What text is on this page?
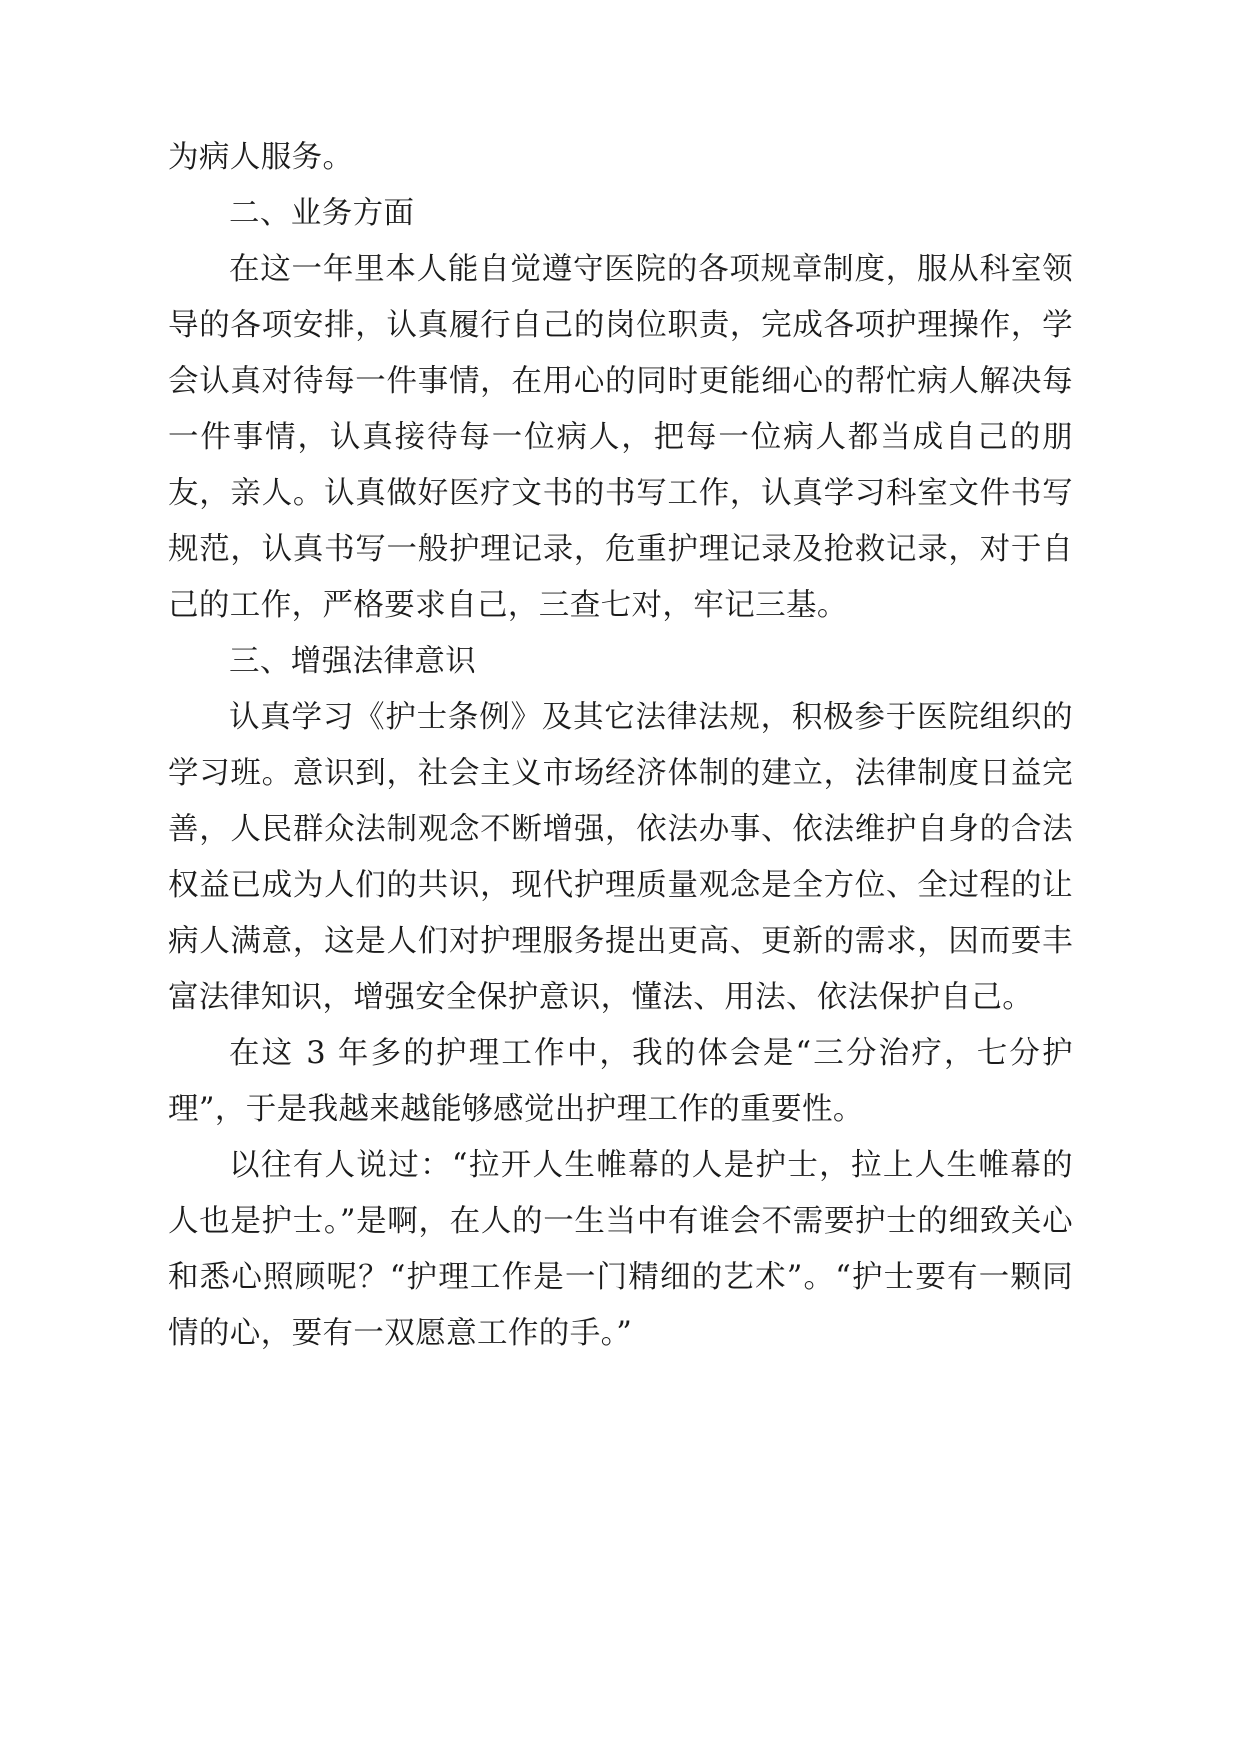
为病人服务。

二、业务方面

在这一年里本人能自觉遵守医院的各项规章制度，服从科室领导的各项安排，认真履行自己的岗位职责，完成各项护理操作，学会认真对待每一件事情，在用心的同时更能细心的帮忙病人解决每一件事情，认真接待每一位病人，把每一位病人都当成自己的朋友，亲人。认真做好医疗文书的书写工作，认真学习科室文件书写规范，认真书写一般护理记录，危重护理记录及抢救记录，对于自己的工作，严格要求自己，三查七对，牢记三基。

三、增强法律意识

认真学习《护士条例》及其它法律法规，积极参于医院组织的学习班。意识到，社会主义市场经济体制的建立，法律制度日益完善，人民群众法制观念不断增强，依法办事、依法维护自身的合法权益已成为人们的共识，现代护理质量观念是全方位、全过程的让病人满意，这是人们对护理服务提出更高、更新的需求，因而要丰富法律知识，增强安全保护意识，懂法、用法、依法保护自己。

在这 3 年多的护理工作中，我的体会是“三分治疗，七分护理”，于是我越来越能够感觉出护理工作的重要性。

以往有人说过：“拉开人生帷幕的人是护士，拉上人生帷幕的人也是护士。”是啊，在人的一生当中有谁会不需要护士的细致关心和悉心照顾呢？“护理工作是一门精细的艺术”。“护士要有一颗同情的心，要有一双愿意工作的手。”
